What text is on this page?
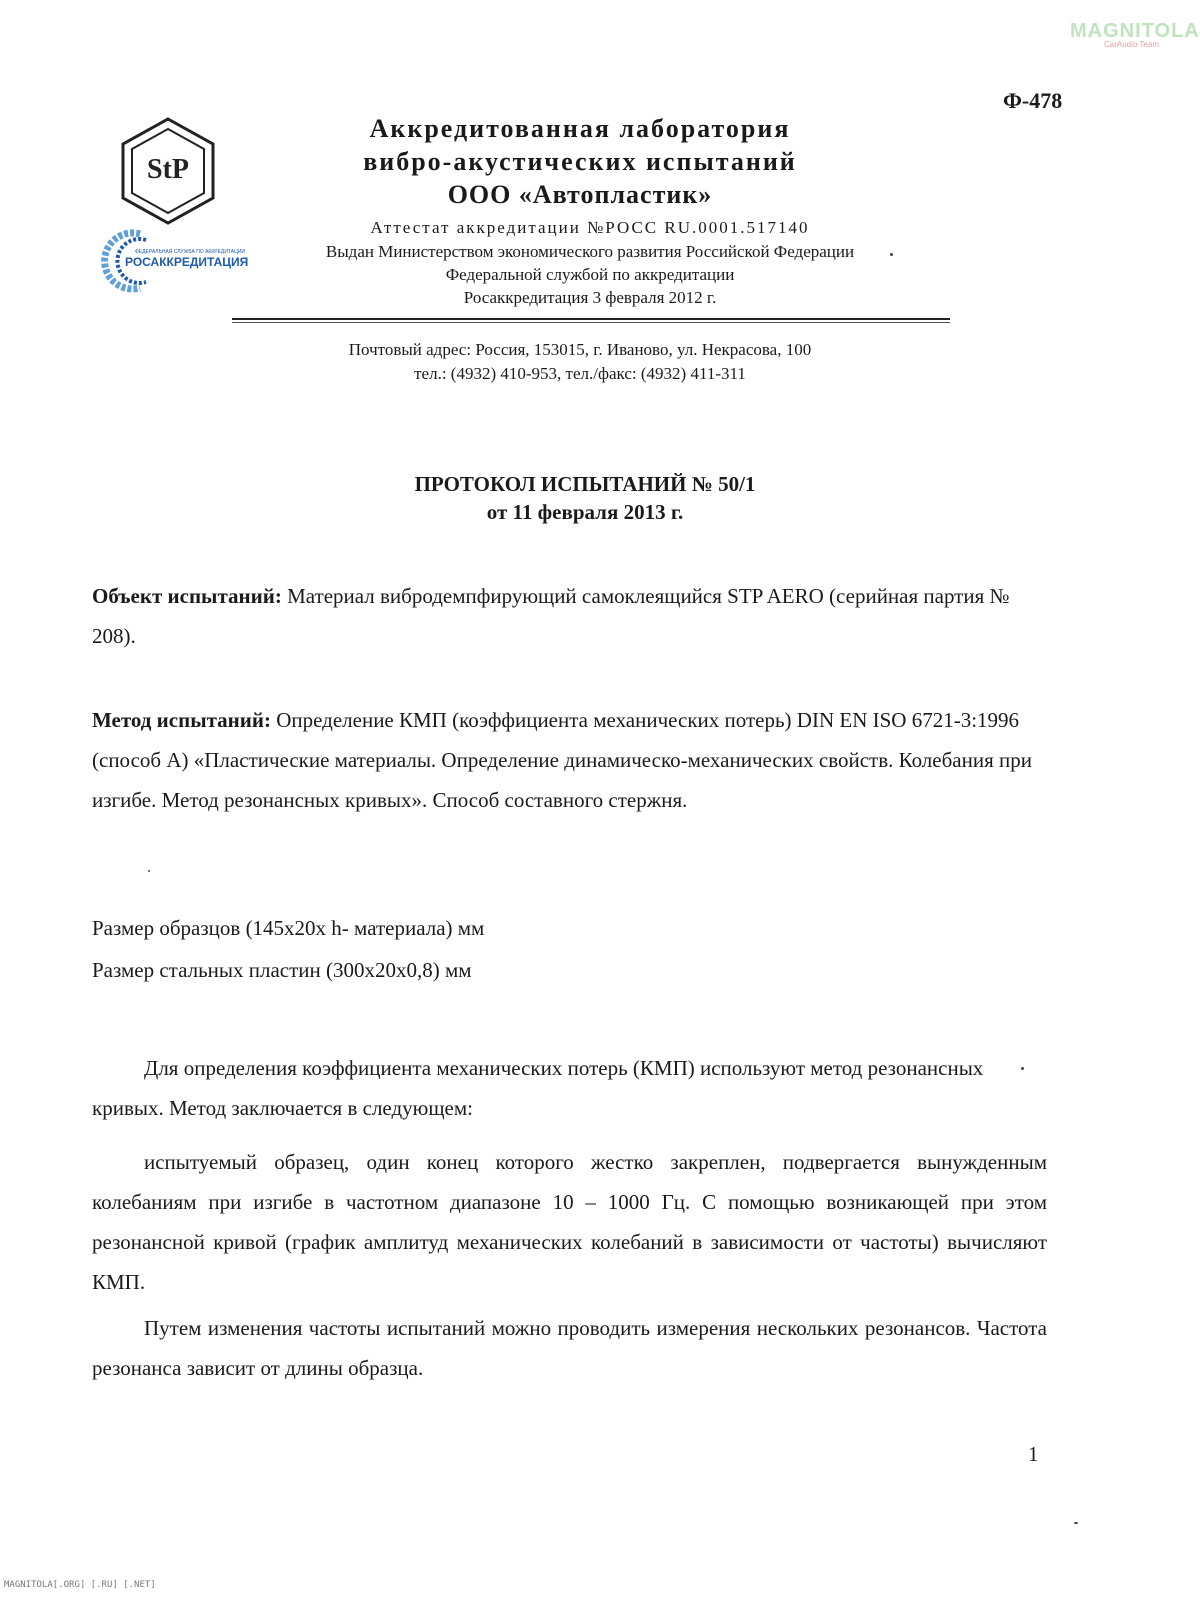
MAGNITOLA
CarAudio Team
Ф-478
StP
ФЕДЕРАЛЬНАЯ СЛУЖБА ПО АККРЕДИТАЦИИ
РОСАККРЕДИТАЦИЯ
Аккредитованная лаборатория
вибро-акустических испытаний
ООО «Автопластик»
Аттестат аккредитации №РОСС RU.0001.517140
Выдан Министерством экономического развития Российской Федерации
Федеральной службой по аккредитации
Росаккредитация 3 февраля 2012 г.
Почтовый адрес: Россия, 153015, г. Иваново, ул. Некрасова, 100
тел.: (4932) 410-953, тел./факс: (4932) 411-311
ПРОТОКОЛ ИСПЫТАНИЙ № 50/1
от 11 февраля 2013 г.
Объект испытаний: Материал вибродемпфирующий самоклеящийся STP AERO (серийная партия № 208).
Метод испытаний: Определение КМП (коэффициента механических потерь) DIN EN ISO 6721-3:1996 (способ А) «Пластические материалы. Определение динамическо-механических свойств. Колебания при изгибе. Метод резонансных кривых». Способ составного стержня.
Размер образцов (145х20х h- материала) мм
Размер стальных пластин (300х20х0,8) мм
Для определения коэффициента механических потерь (КМП) используют метод резонансных кривых. Метод заключается в следующем:
испытуемый образец, один конец которого жестко закреплен, подвергается вынужденным колебаниям при изгибе в частотном диапазоне 10 – 1000 Гц. С помощью возникающей при этом резонансной кривой (график амплитуд механических колебаний в зависимости от частоты) вычисляют КМП.
Путем изменения частоты испытаний можно проводить измерения нескольких резонансов. Частота резонанса зависит от длины образца.
1
MAGNITOLA[.ORG] [.RU] [.NET]
